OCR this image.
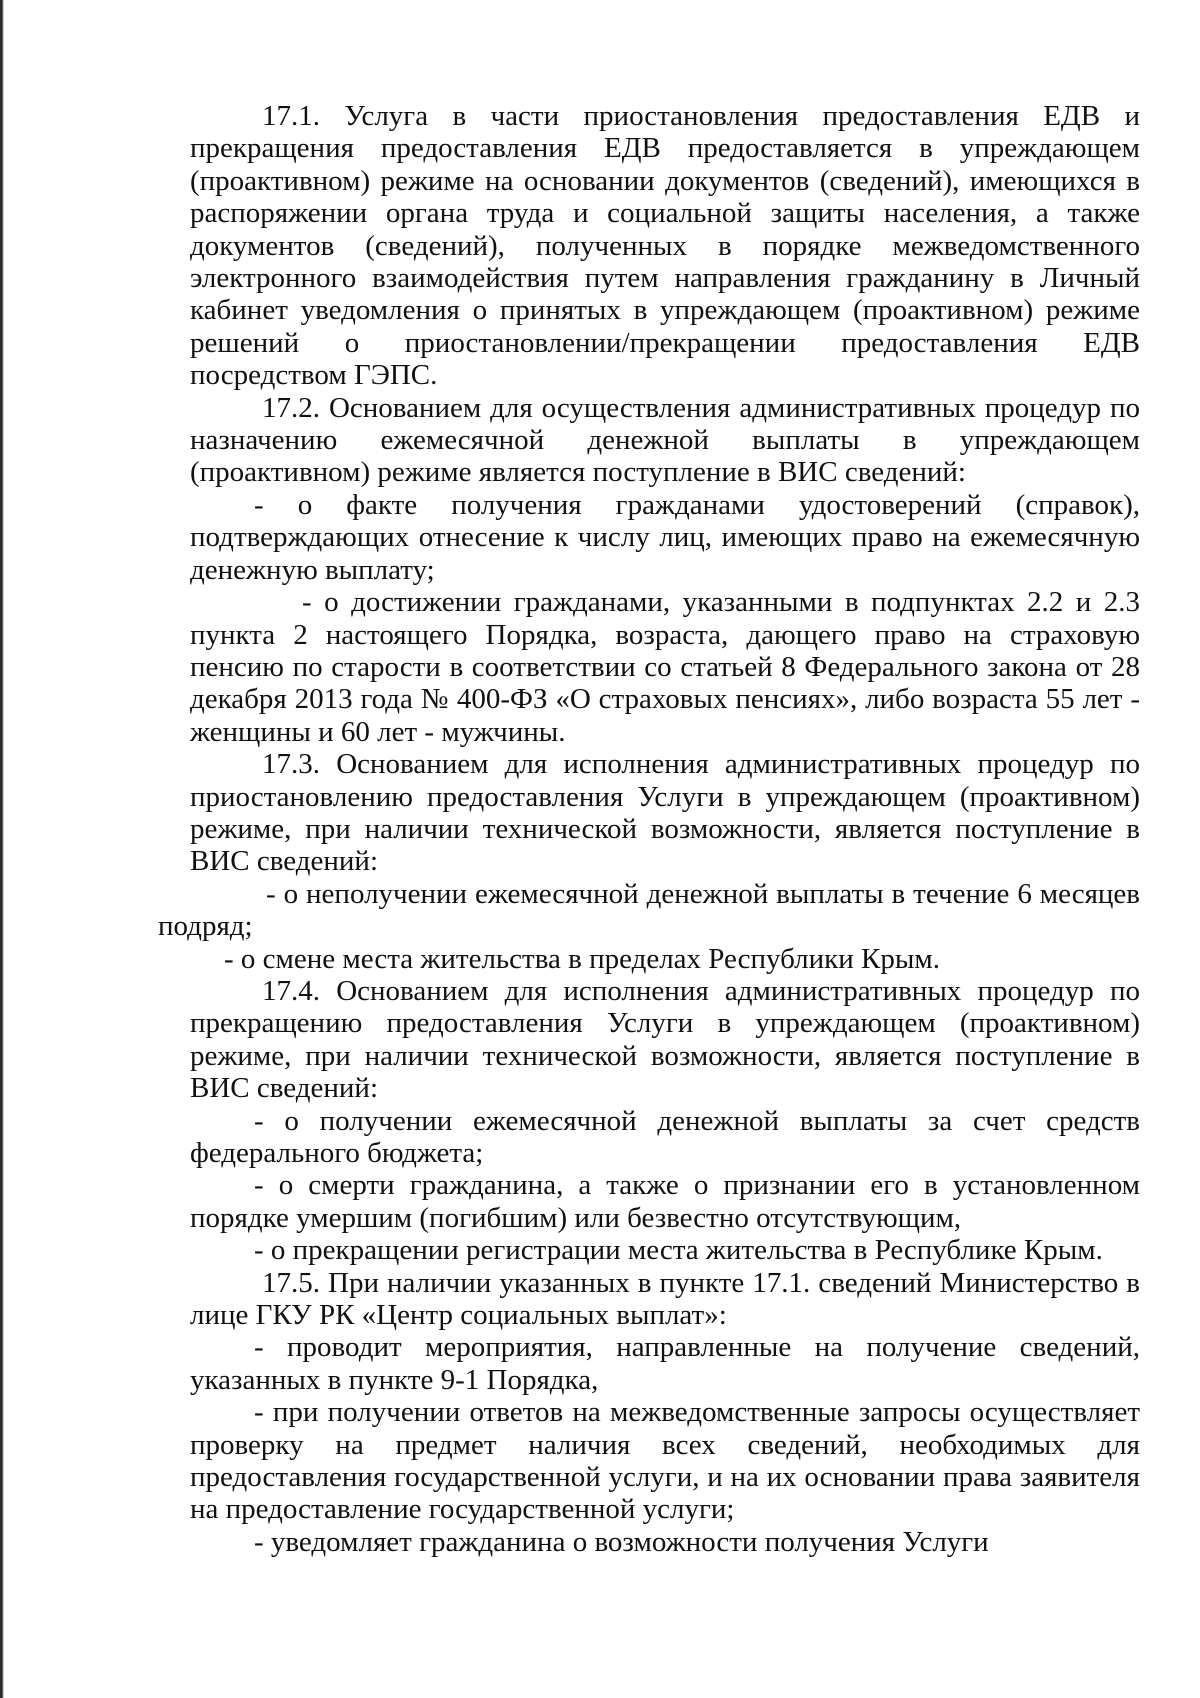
17.1. Услуга в части приостановления предоставления ЕДВ и прекращения предоставления ЕДВ предоставляется в упреждающем (проактивном) режиме на основании документов (сведений), имеющихся в распоряжении органа труда и социальной защиты населения, а также документов (сведений), полученных в порядке межведомственного электронного взаимодействия путем направления гражданину в Личный кабинет уведомления о принятых в упреждающем (проактивном) режиме решений о приостановлении/прекращении предоставления ЕДВ посредством ГЭПС.

17.2. Основанием для осуществления административных процедур по назначению ежемесячной денежной выплаты в упреждающем (проактивном) режиме является поступление в ВИС сведений:

- о факте получения гражданами удостоверений (справок), подтверждающих отнесение к числу лиц, имеющих право на ежемесячную денежную выплату;

- о достижении гражданами, указанными в подпунктах 2.2 и 2.3 пункта 2 настоящего Порядка, возраста, дающего право на страховую пенсию по старости в соответствии со статьей 8 Федерального закона от 28 декабря 2013 года № 400-ФЗ «О страховых пенсиях», либо возраста 55 лет - женщины и 60 лет - мужчины.

17.3. Основанием для исполнения административных процедур по приостановлению предоставления Услуги в упреждающем (проактивном) режиме, при наличии технической возможности, является поступление в ВИС сведений:

- о неполучении ежемесячной денежной выплаты в течение 6 месяцев подряд;

- о смене места жительства в пределах Республики Крым.

17.4. Основанием для исполнения административных процедур по прекращению предоставления Услуги в упреждающем (проактивном) режиме, при наличии технической возможности, является поступление в ВИС сведений:

- о получении ежемесячной денежной выплаты за счет средств федерального бюджета;

- о смерти гражданина, а также о признании его в установленном порядке умершим (погибшим) или безвестно отсутствующим,

- о прекращении регистрации места жительства в Республике Крым.

17.5. При наличии указанных в пункте 17.1. сведений Министерство в лице ГКУ РК «Центр социальных выплат»:

- проводит мероприятия, направленные на получение сведений, указанных в пункте 9-1 Порядка,

- при получении ответов на межведомственные запросы осуществляет проверку на предмет наличия всех сведений, необходимых для предоставления государственной услуги, и на их основании права заявителя на предоставление государственной услуги;

- уведомляет гражданина о возможности получения Услуги
